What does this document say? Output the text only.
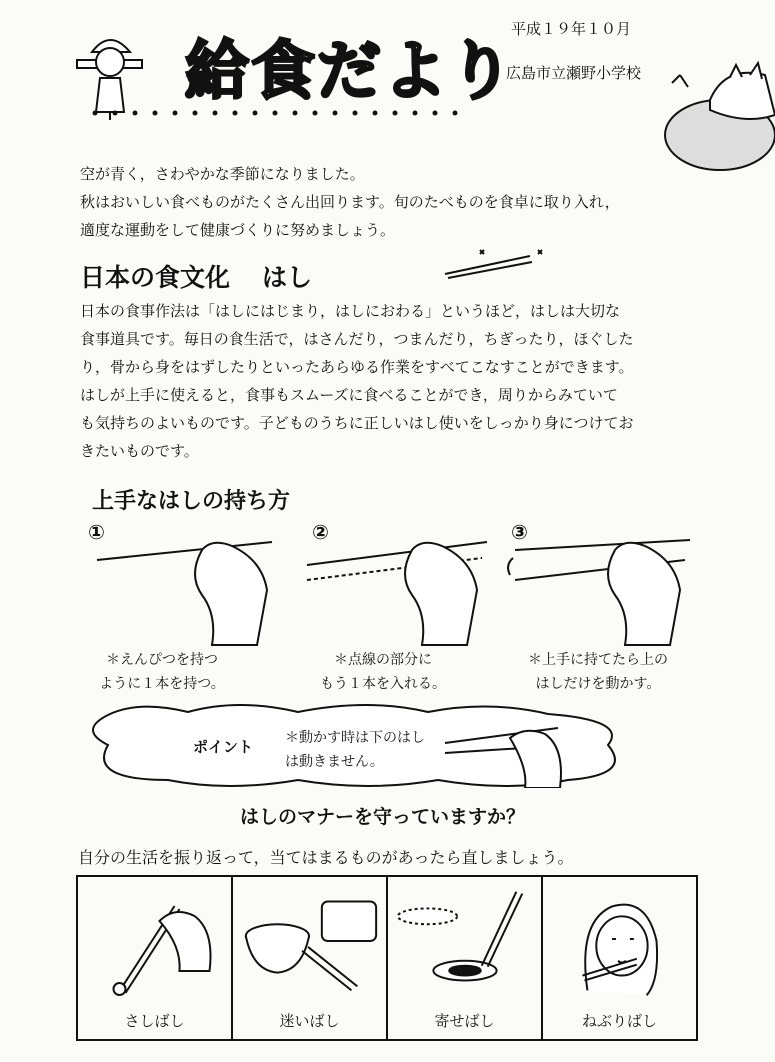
給食だより
平成１９年１０月
広島市立瀬野小学校
空が青く，さわやかな季節になりました。
秋はおいしい食べものがたくさん出回ります。旬のたべものを食卓に取り入れ，
適度な運動をして健康づくりに努めましょう。
日本の食文化 はし
日本の食事作法は「はしにはじまり，はしにおわる」というほど，はしは大切な
食事道具です。毎日の食生活で，はさんだり，つまんだり，ちぎったり，ほぐした
り，骨から身をはずしたりといったあらゆる作業をすべてこなすことができます。
はしが上手に使えると，食事もスムーズに食べることができ，周りからみていて
も気持ちのよいものです。子どものうちに正しいはし使いをしっかり身につけてお
きたいものです。
上手なはしの持ち方
①	②	③
＊えんぴつを持つ
ように１本を持つ。
＊点線の部分に
もう１本を入れる。
＊上手に持てたら上の
はしだけを動かす。
ポイント ＊動かす時は下のはし
は動きません。
はしのマナーを守っていますか？
自分の生活を振り返って，当てはまるものがあったら直しましょう。
さしばし	迷いばし	寄せばし	ねぶりばし
